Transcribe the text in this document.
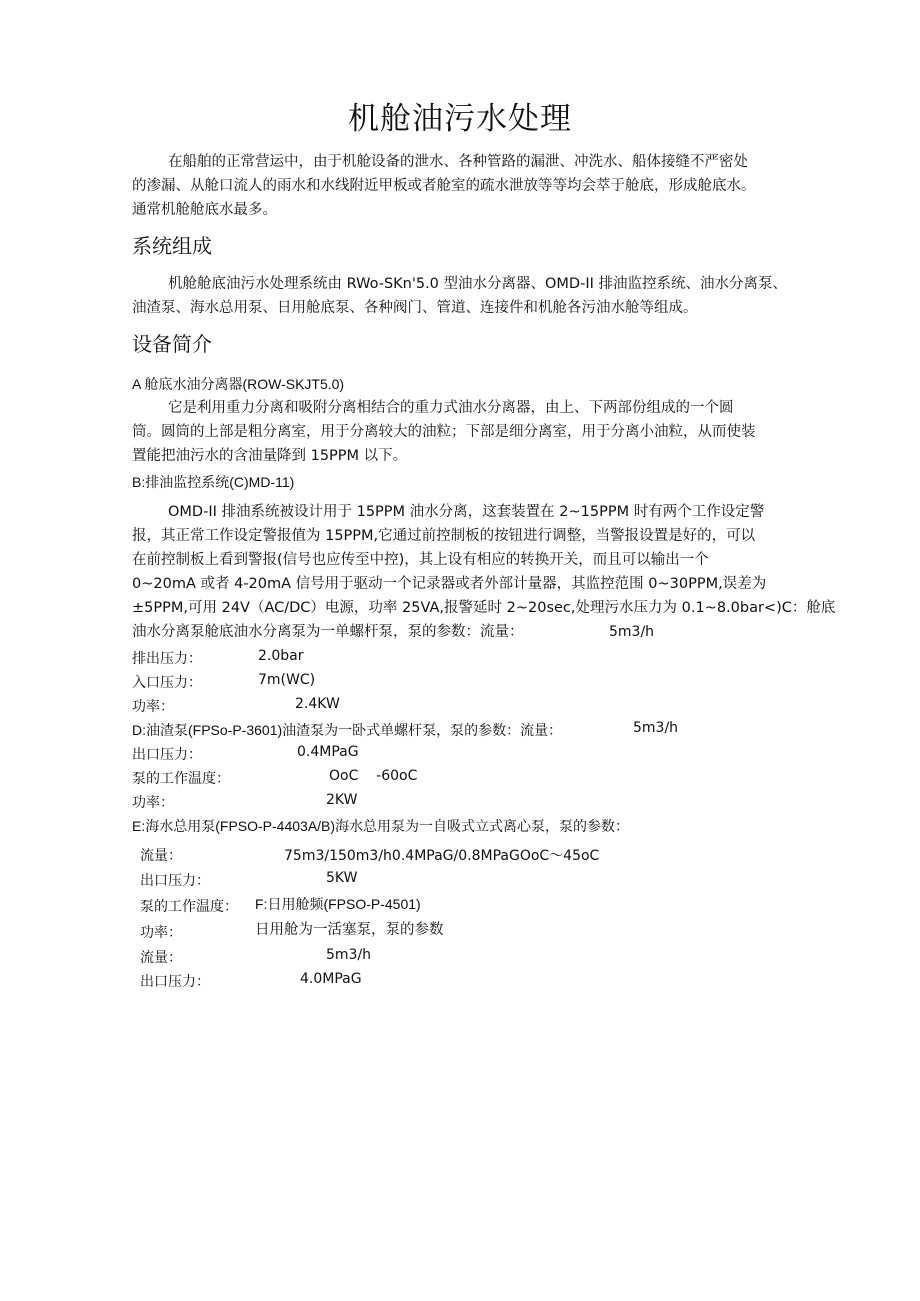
机舱油污水处理

在船舶的正常营运中，由于机舱设备的泄水、各种管路的漏泄、冲洗水、船体接缝不严密处

的渗漏、从舱口流人的雨水和水线附近甲板或者舱室的疏水泄放等等均会萃于舱底，形成舱底水。

通常机舱舱底水最多。

系统组成

机舱舱底油污水处理系统由 RWo-SKn'5.0 型油水分离器、OMD-II 排油监控系统、油水分离泵、

油渣泵、海水总用泵、日用舱底泵、各种阀门、管道、连接件和机舱各污油水舱等组成。

设备简介
A 舱底水油分离器(ROW-SKJT5.0)

它是利用重力分离和吸附分离相结合的重力式油水分离器，由上、下两部份组成的一个圆

筒。圆筒的上部是粗分离室，用于分离较大的油粒；下部是细分离室，用于分离小油粒，从而使装

置能把油污水的含油量降到 15PPM 以下。

B:排油监控系统(C)MD-11)

OMD-II 排油系统被设计用于 15PPM 油水分离，这套装置在 2~15PPM 时有两个工作设定警

报，其正常工作设定警报值为 15PPM,它通过前控制板的按钮进行调整，当警报设置是好的，可以

在前控制板上看到警报(信号也应传至中控)，其上设有相应的转换开关，而且可以输出一个

0~20mA 或者 4-20mA 信号用于驱动一个记录器或者外部计量器，其监控范围 0~30PPM,误差为

±5PPM,可用 24V（AC/DC）电源，功率 25VA,报警延时 2~20sec,处理污水压力为 0.1~8.0bar<)C：舱底

油水分离泵舱底油水分离泵为一单螺杆泵，泵的参数：流量：	5m3∕h
排出压力：	2.0bar
入口压力：	7m(WC)
功率：	2.4KW
D:油渣泵(FPSo-P-3601)油渣泵为一卧式单螺杆泵，泵的参数：流量：	5m3∕h
出口压力：	0.4MPaG
泵的工作温度：	OoC    -60oC
功率：	2KW
E:海水总用泵(FPSO-P-4403A/B)海水总用泵为一自吸式立式离心泵，泵的参数：
流量：	75m3∕150m3∕h0.4MPaG/0.8MPaGOoC～45oC
出口压力：	5KW
泵的工作温度： F:日用舱频(FPSO-P-4501)
功率：	日用舱为一活塞泵，泵的参数
流量：	5m3∕h
出口压力：	4.0MPaG
